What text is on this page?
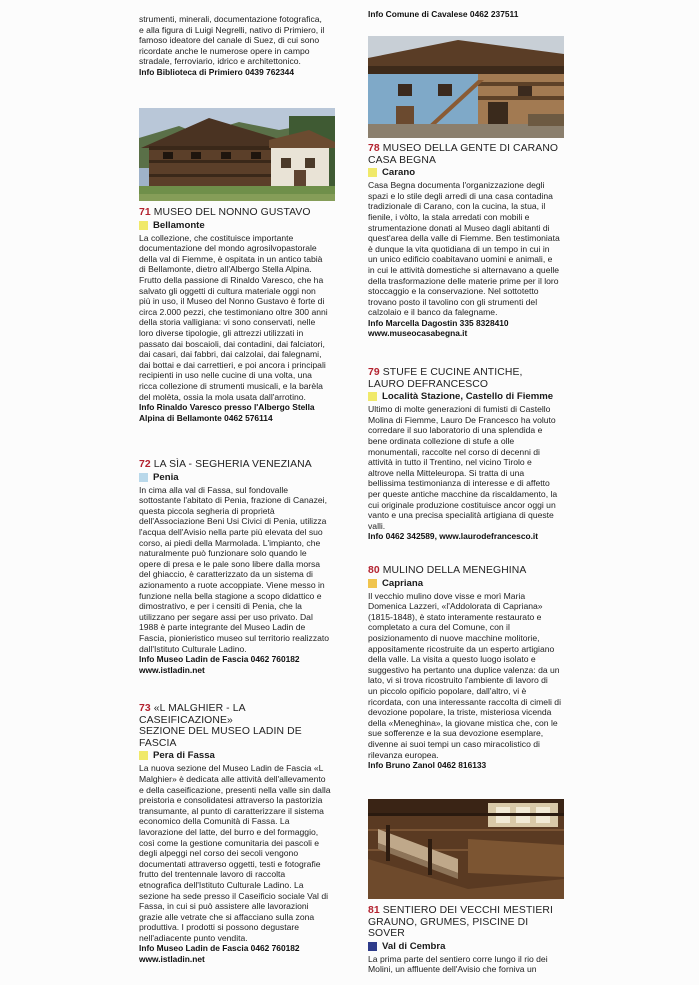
strumenti, minerali, documentazione fotografica,

e alla figura di Luigi Negrelli, nativo di Primiero, il

famoso ideatore del canale di Suez, di cui sono

ricordate anche le numerose opere in campo

stradale, ferroviario, idrico e architettonico.

Info Biblioteca di Primiero 0439 762344

71 MUSEO DEL NONNO GUSTAVO
Bellamonte

La collezione, che costituisce importante

documentazione del mondo agrosilvopastorale

della val di Fiemme, è ospitata in un antico tabià

di Bellamonte, dietro all'Albergo Stella Alpina.

Frutto della passione di Rinaldo Varesco, che ha

salvato gli oggetti di cultura materiale oggi non

più in uso, il Museo del Nonno Gustavo è forte di

circa 2.000 pezzi, che testimoniano oltre 300 anni

della storia valligiana: vi sono conservati, nelle

loro diverse tipologie, gli attrezzi utilizzati in

passato dai boscaioli, dai contadini, dai falciatori,

dai casari, dai fabbri, dai calzolai, dai falegnami,

dai bottai e dai carrettieri, e poi ancora i principali

recipienti in uso nelle cucine di una volta, una

ricca collezione di strumenti musicali, e la barèla

del molèta, ossia la mola usata dall'arrotino.

Info Rinaldo Varesco presso l'Albergo Stella

Alpina di Bellamonte 0462 576114

72 LA SÌA - SEGHERIA VENEZIANA
Penia

In cima alla val di Fassa, sul fondovalle

sottostante l'abitato di Penia, frazione di Canazei,

questa piccola segheria di proprietà

dell'Associazione Beni Usi Civici di Penia, utilizza

l'acqua dell'Avisio nella parte più elevata del suo

corso, ai piedi della Marmolada. L'impianto, che

naturalmente può funzionare solo quando le

opere di presa e le pale sono libere dalla morsa

del ghiaccio, è caratterizzato da un sistema di

azionamento a ruote accoppiate. Viene messo in

funzione nella bella stagione a scopo didattico e

dimostrativo, e per i censiti di Penia, che la

utilizzano per segare assi per uso privato. Dal

1988 è parte integrante del Museo Ladin de

Fascia, pionieristico museo sul territorio realizzato

dall'Istituto Culturale Ladino.

Info Museo Ladin de Fascia 0462 760182

www.istladin.net

73 «L MALGHIER - LA CASEIFICAZIONE»
SEZIONE DEL MUSEO LADIN DE FASCIA
Pera di Fassa

La nuova sezione del Museo Ladin de Fascia «L

Malghier» è dedicata alle attività dell'allevamento

e della caseificazione, presenti nella valle sin dalla

preistoria e consolidatesi attraverso la pastorizia

transumante, al punto di caratterizzare il sistema

economico della Comunità di Fassa. La

lavorazione del latte, del burro e del formaggio,

così come la gestione comunitaria dei pascoli e

degli alpeggi nel corso dei secoli vengono

documentati attraverso oggetti, testi e fotografie

frutto del trentennale lavoro di raccolta

etnografica dell'Istituto Culturale Ladino. La

sezione ha sede presso il Caseificio sociale Val di

Fassa, in cui si può assistere alle lavorazioni

grazie alle vetrate che si affacciano sulla zona

produttiva. I prodotti si possono degustare

nell'adiacente punto vendita.

Info Museo Ladin de Fascia 0462 760182

www.istladin.net

Info Comune di Cavalese 0462 237511

78 MUSEO DELLA GENTE DI CARANO
CASA BEGNA
Carano

Casa Begna documenta l'organizzazione degli

spazi e lo stile degli arredi di una casa contadina

tradizionale di Carano, con la cucina, la stua, il

fienile, i vòlto, la stala arredati con mobili e

strumentazione donati al Museo dagli abitanti di

quest'area della valle di Fiemme. Ben testimoniata

è dunque la vita quotidiana di un tempo in cui in

un unico edificio coabitavano uomini e animali, e

in cui le attività domestiche si alternavano a quelle

della trasformazione delle materie prime per il loro

stoccaggio e la conservazione. Nel sottotetto

trovano posto il tavolino con gli strumenti del

calzolaio e il banco da falegname.

Info Marcella Dagostin 335 8328410

www.museocasabegna.it

79 STUFE E CUCINE ANTICHE,
LAURO DEFRANCESCO
Località Stazione, Castello di Fiemme

Ultimo di molte generazioni di fumisti di Castello

Molina di Fiemme, Lauro De Francesco ha voluto

corredare il suo laboratorio di una splendida e

bene ordinata collezione di stufe a olle

monumentali, raccolte nel corso di decenni di

attività in tutto il Trentino, nel vicino Tirolo e

altrove nella Mitteleuropa. Si tratta di una

bellissima testimonianza di interesse e di affetto

per queste antiche macchine da riscaldamento, la

cui originale produzione costituisce ancor oggi un

vanto e una precisa specialità artigiana di queste

valli.

Info 0462 342589, www.laurodefrancesco.it

80 MULINO DELLA MENEGHINA
Capriana

Il vecchio mulino dove visse e morì Maria

Domenica Lazzeri, «l'Addolorata di Capriana»

(1815-1848), è stato interamente restaurato e

completato a cura del Comune, con il

posizionamento di nuove macchine molitorie,

appositamente ricostruite da un esperto artigiano

della valle. La visita a questo luogo isolato e

suggestivo ha pertanto una duplice valenza: da un

lato, vi si trova ricostruito l'ambiente di lavoro di

un piccolo opificio popolare, dall'altro, vi è

ricordata, con una interessante raccolta di cimeli di

devozione popolare, la triste, misteriosa vicenda

della «Meneghina», la giovane mistica che, con le

sue sofferenze e la sua devozione esemplare,

divenne ai suoi tempi un caso miracolistico di

rilevanza europea.

Info Bruno Zanol 0462 816133

81 SENTIERO DEI VECCHI MESTIERI
GRAUNO, GRUMES, PISCINE DI SOVER
Val di Cembra

La prima parte del sentiero corre lungo il rio dei

Molini, un affluente dell'Avisio che forniva un
